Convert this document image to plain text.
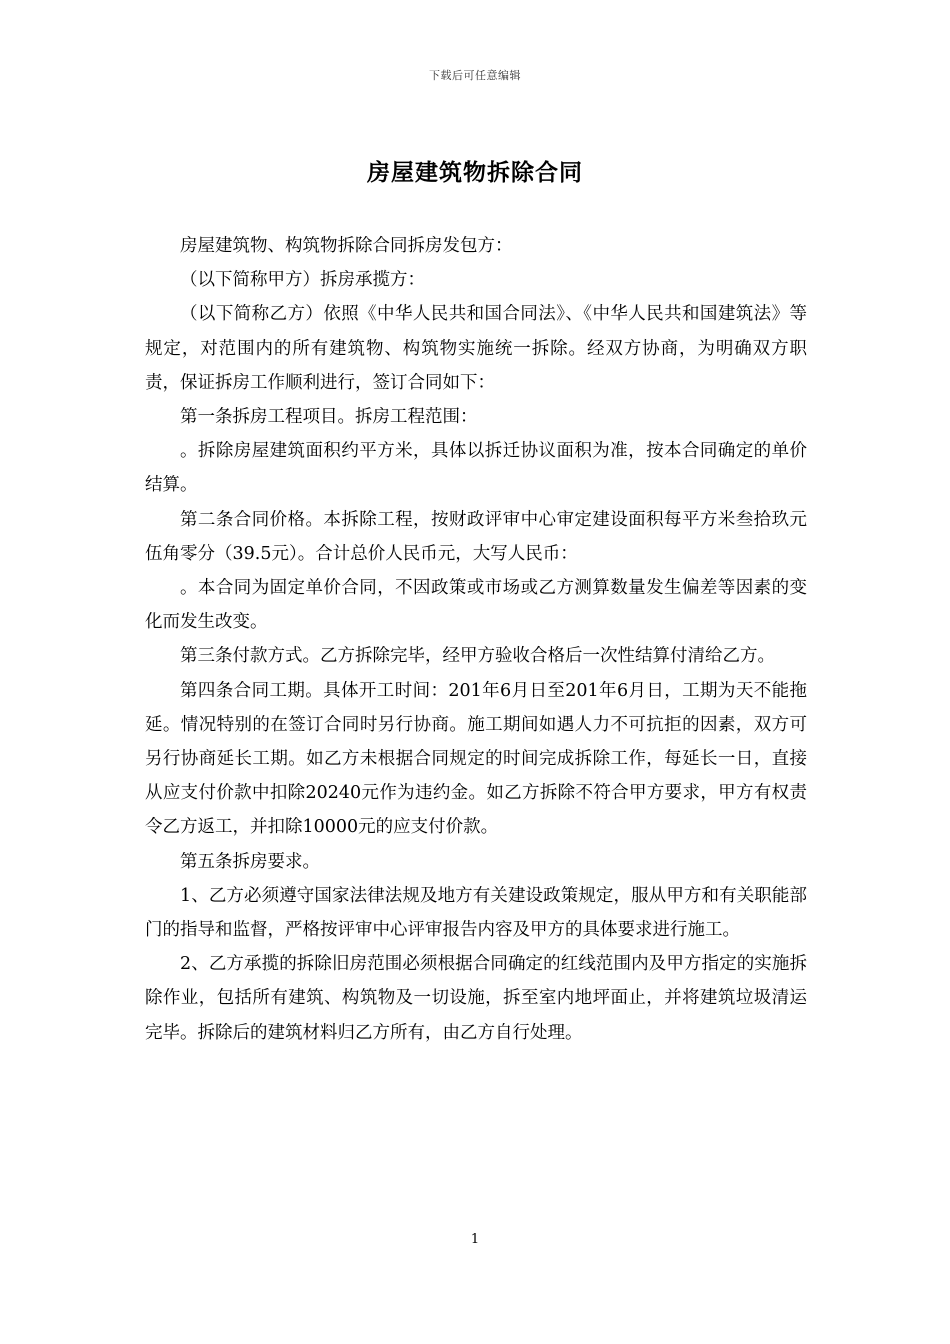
下载后可任意编辑
房屋建筑物拆除合同

房屋建筑物、构筑物拆除合同拆房发包方：

（以下简称甲方）拆房承揽方：

（以下简称乙方）依照《中华人民共和国合同法》、《中华人民共和国建筑法》等规定，对范围内的所有建筑物、构筑物实施统一拆除。经双方协商，为明确双方职责，保证拆房工作顺利进行，签订合同如下：

第一条拆房工程项目。拆房工程范围：

。拆除房屋建筑面积约平方米，具体以拆迁协议面积为准，按本合同确定的单价结算。

第二条合同价格。本拆除工程，按财政评审中心审定建设面积每平方米叁拾玖元伍角零分（39.5元）。合计总价人民币元，大写人民币：

。本合同为固定单价合同，不因政策或市场或乙方测算数量发生偏差等因素的变化而发生改变。

第三条付款方式。乙方拆除完毕，经甲方验收合格后一次性结算付清给乙方。

第四条合同工期。具体开工时间：201年6月日至201年6月日，工期为天不能拖延。情况特别的在签订合同时另行协商。施工期间如遇人力不可抗拒的因素，双方可另行协商延长工期。如乙方未根据合同规定的时间完成拆除工作，每延长一日，直接从应支付价款中扣除20240元作为违约金。如乙方拆除不符合甲方要求，甲方有权责令乙方返工，并扣除10000元的应支付价款。

第五条拆房要求。

1、乙方必须遵守国家法律法规及地方有关建设政策规定，服从甲方和有关职能部门的指导和监督，严格按评审中心评审报告内容及甲方的具体要求进行施工。

2、乙方承揽的拆除旧房范围必须根据合同确定的红线范围内及甲方指定的实施拆除作业，包括所有建筑、构筑物及一切设施，拆至室内地坪面止，并将建筑垃圾清运完毕。拆除后的建筑材料归乙方所有，由乙方自行处理。

1
